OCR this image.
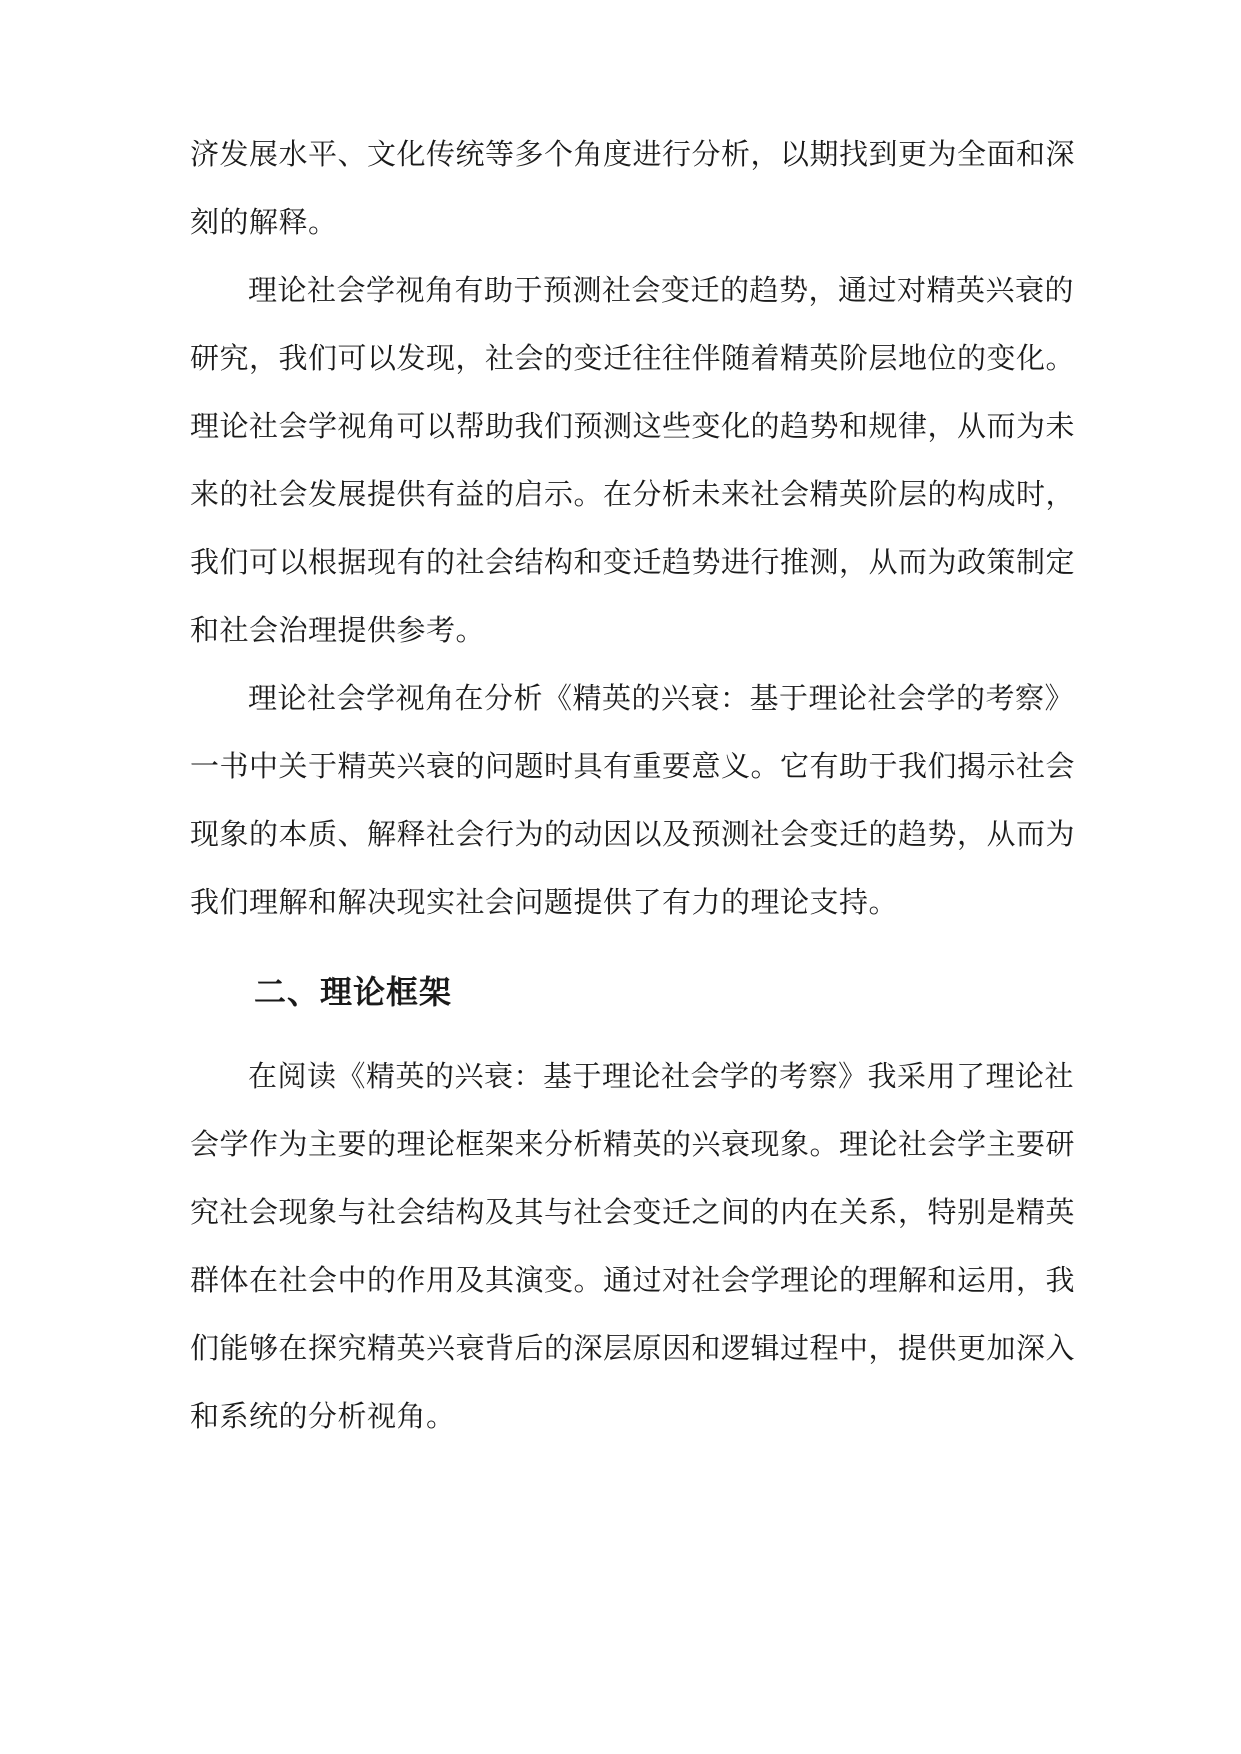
济发展水平、文化传统等多个角度进行分析，以期找到更为全面和深
刻的解释。
理论社会学视角有助于预测社会变迁的趋势，通过对精英兴衰的
研究，我们可以发现，社会的变迁往往伴随着精英阶层地位的变化。
理论社会学视角可以帮助我们预测这些变化的趋势和规律，从而为未
来的社会发展提供有益的启示。在分析未来社会精英阶层的构成时，
我们可以根据现有的社会结构和变迁趋势进行推测，从而为政策制定
和社会治理提供参考。
理论社会学视角在分析《精英的兴衰：基于理论社会学的考察》
一书中关于精英兴衰的问题时具有重要意义。它有助于我们揭示社会
现象的本质、解释社会行为的动因以及预测社会变迁的趋势，从而为
我们理解和解决现实社会问题提供了有力的理论支持。
二、理论框架
在阅读《精英的兴衰：基于理论社会学的考察》我采用了理论社
会学作为主要的理论框架来分析精英的兴衰现象。理论社会学主要研
究社会现象与社会结构及其与社会变迁之间的内在关系，特别是精英
群体在社会中的作用及其演变。通过对社会学理论的理解和运用，我
们能够在探究精英兴衰背后的深层原因和逻辑过程中，提供更加深入
和系统的分析视角。
